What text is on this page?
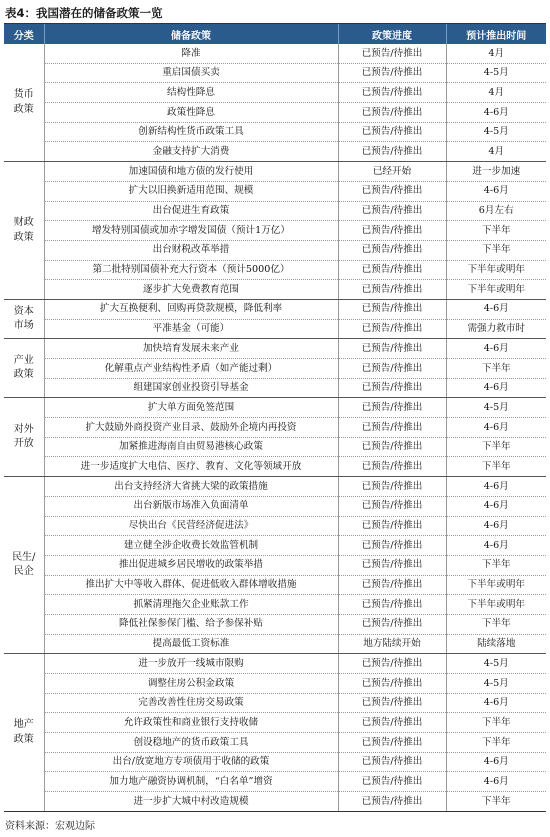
表4：我国潜在的储备政策一览
分类	储备政策	政策进度	预计推出时间
货币
政策	降准	已预告/待推出	4月
	重启国债买卖	已预告/待推出	4-5月
	结构性降息	已预告/待推出	4月
	政策性降息	已预告/待推出	4-6月
	创新结构性货币政策工具	已预告/待推出	4-5月
	金融支持扩大消费	已预告/待推出	4月
财政
政策	加速国债和地方债的发行使用	已经开始	进一步加速
	扩大以旧换新适用范围、规模	已预告/待推出	4-6月
	出台促进生育政策	已预告/待推出	6月左右
	增发特别国债或加赤字增发国债（预计1万亿）	已预告/待推出	下半年
	出台财税改革举措	已预告/待推出	下半年
	第二批特别国债补充大行资本（预计5000亿）	已预告/待推出	下半年或明年
	逐步扩大免费教育范围	已预告/待推出	下半年或明年
资本
市场	扩大互换便利、回购再贷款规模，降低利率	已预告/待推出	4-6月
	平准基金（可能）	已预告/待推出	需强力救市时
产业
政策	加快培育发展未来产业	已预告/待推出	4-6月
	化解重点产业结构性矛盾（如产能过剩）	已预告/待推出	下半年
	组建国家创业投资引导基金	已预告/待推出	4-6月
对外
开放	扩大单方面免签范围	已预告/待推出	4-5月
	扩大鼓励外商投资产业目录、鼓励外企境内再投资	已预告/待推出	4-6月
	加紧推进海南自由贸易港核心政策	已预告/待推出	下半年
	进一步适度扩大电信、医疗、教育、文化等领域开放	已预告/待推出	下半年
民生/
民企	出台支持经济大省挑大梁的政策措施	已预告/待推出	4-6月
	出台新版市场准入负面清单	已预告/待推出	4-6月
	尽快出台《民营经济促进法》	已预告/待推出	4-6月
	建立健全涉企收费长效监管机制	已预告/待推出	4-6月
	推出促进城乡居民增收的政策举措	已预告/待推出	下半年
	推出扩大中等收入群体、促进低收入群体增收措施	已预告/待推出	下半年或明年
	抓紧清理拖欠企业账款工作	已预告/待推出	下半年或明年
	降低社保参保门槛、给予参保补贴	已预告/待推出	下半年
	提高最低工资标准	地方陆续开始	陆续落地
地产
政策	进一步放开一线城市限购	已预告/待推出	4-5月
	调整住房公积金政策	已预告/待推出	4-5月
	完善改善性住房交易政策	已预告/待推出	4-6月
	允许政策性和商业银行支持收储	已预告/待推出	下半年
	创设稳地产的货币政策工具	已预告/待推出	下半年
	出台/放宽地方专项债用于收储的政策	已预告/待推出	4-6月
	加力地产融资协调机制，“白名单”增资	已预告/待推出	4-6月
	进一步扩大城中村改造规模	已预告/待推出	下半年
资料来源：宏观边际
